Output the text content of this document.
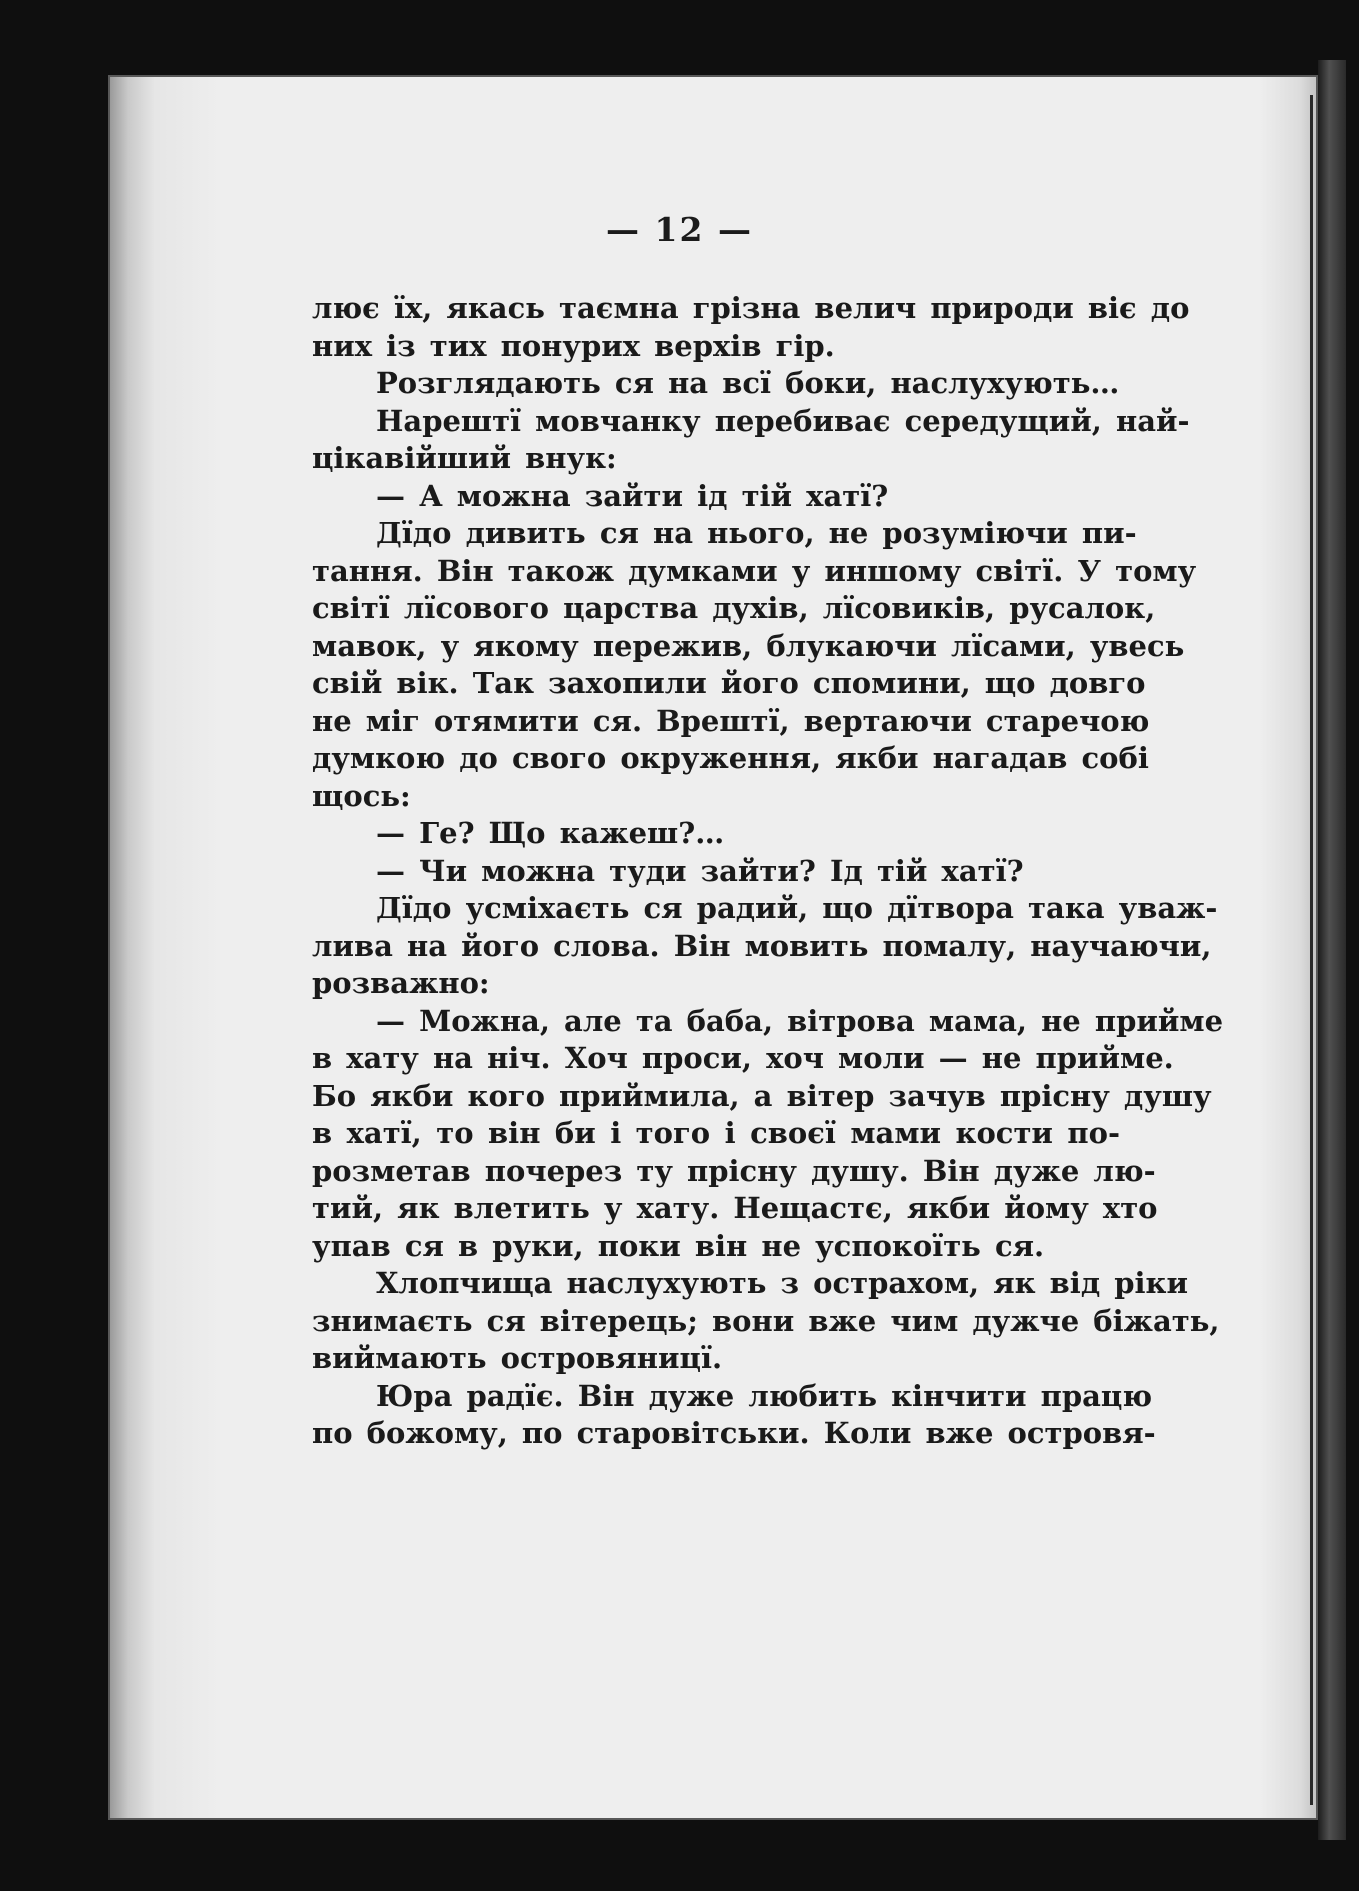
— 12 —
лює їх, якась таємна грізна велич природи віє до
них із тих понурих верхів гір.
Розглядають ся на всї боки, наслухують…
Нарештї мовчанку перебиває середущий, най-
цікавійший внук:
— А можна зайти ід тій хатї?
Дїдо дивить ся на нього, не розуміючи пи-
тання. Він також думками у иншому світї. У тому
світї лїсового царства духів, лїсовиків, русалок,
мавок, у якому пережив, блукаючи лїсами, увесь
свій вік. Так захопили його спомини, що довго
не міг отямити ся. Врештї, вертаючи старечою
думкою до свого окруження, якби нагадав собі
щось:
— Ге? Що кажеш?…
— Чи можна туди зайти? Ід тій хатї?
Дїдо усміхаєть ся радий, що дїтвора така уваж-
лива на його слова. Він мовить помалу, научаючи,
розважно:
— Можна, але та баба, вітрова мама, не прийме
в хату на ніч. Хоч проси, хоч моли — не прийме.
Бо якби кого приймила, а вітер зачув прісну душу
в хатї, то він би і того і своєї мами кости по-
розметав почерез ту прісну душу. Він дуже лю-
тий, як влетить у хату. Нещастє, якби йому хто
упав ся в руки, поки він не успокоїть ся.
Хлопчища наслухують з острахом, як від ріки
знимаєть ся вітерець; вони вже чим дужче біжать,
виймають островяницї.
Юра радїє. Він дуже любить кінчити працю
по божому, по старовітськи. Коли вже островя-
